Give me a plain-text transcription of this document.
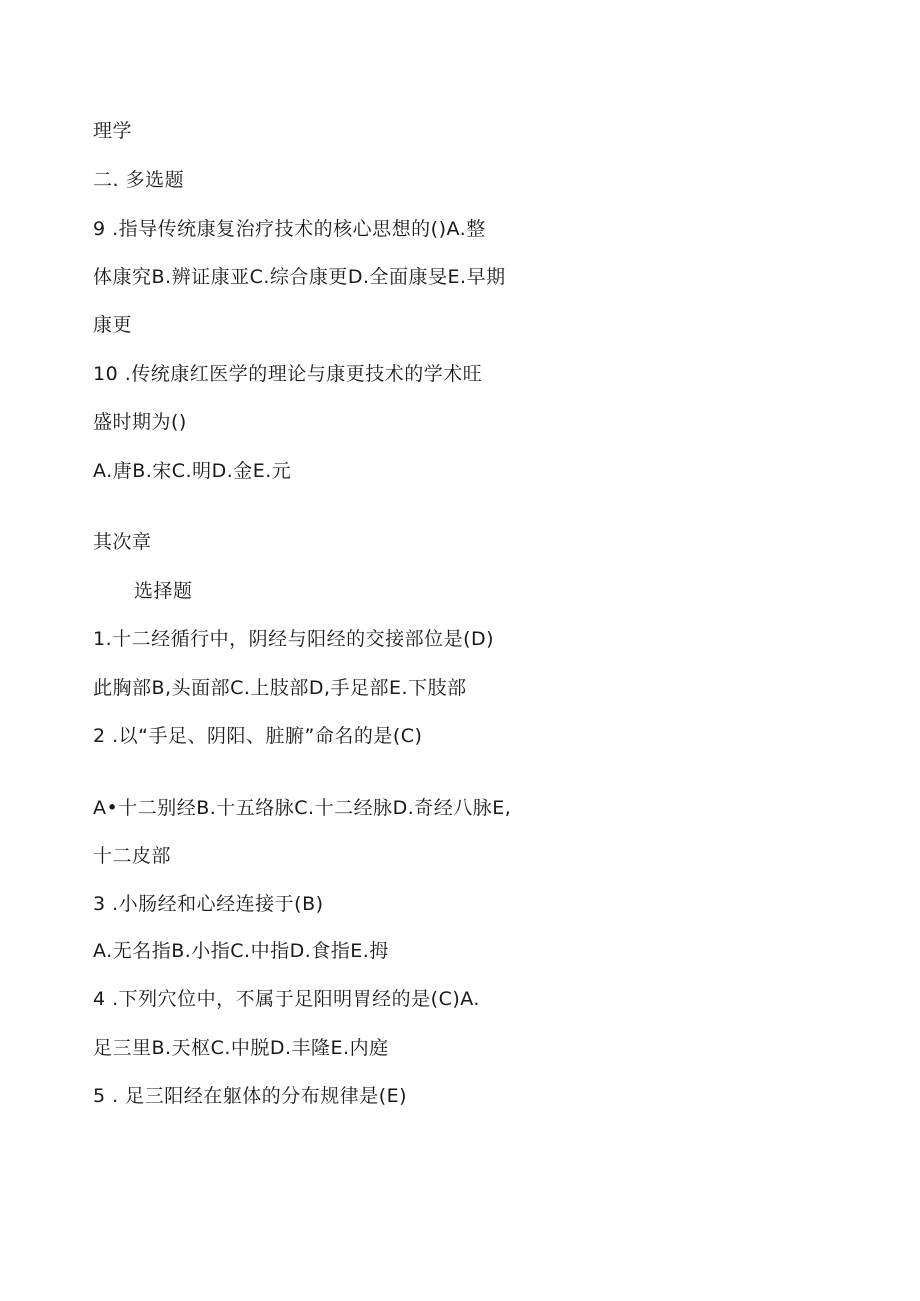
理学
二. 多选题
9 .指导传统康复治疗技术的核心思想的()A.整
体康究B.辨证康亚C.综合康更D.全面康旻E.早期
康更
10 .传统康红医学的理论与康更技术的学术旺
盛时期为()
A.唐B.宋C.明D.金E.元
其次章
选择题
1.十二经循行中，阴经与阳经的交接部位是(D)
此胸部B,头面部C.上肢部D,手足部E.下肢部
2 .以“手足、阴阳、脏腑”命名的是(C)
A•十二别经B.十五络脉C.十二经脉D.奇经八脉E,
十二皮部
3 .小肠经和心经连接于(B)
A.无名指B.小指C.中指D.食指E.拇
4 .下列穴位中，不属于足阳明胃经的是(C)A.
足三里B.天枢C.中脱D.丰隆E.内庭
5 . 足三阳经在躯体的分布规律是(E)
